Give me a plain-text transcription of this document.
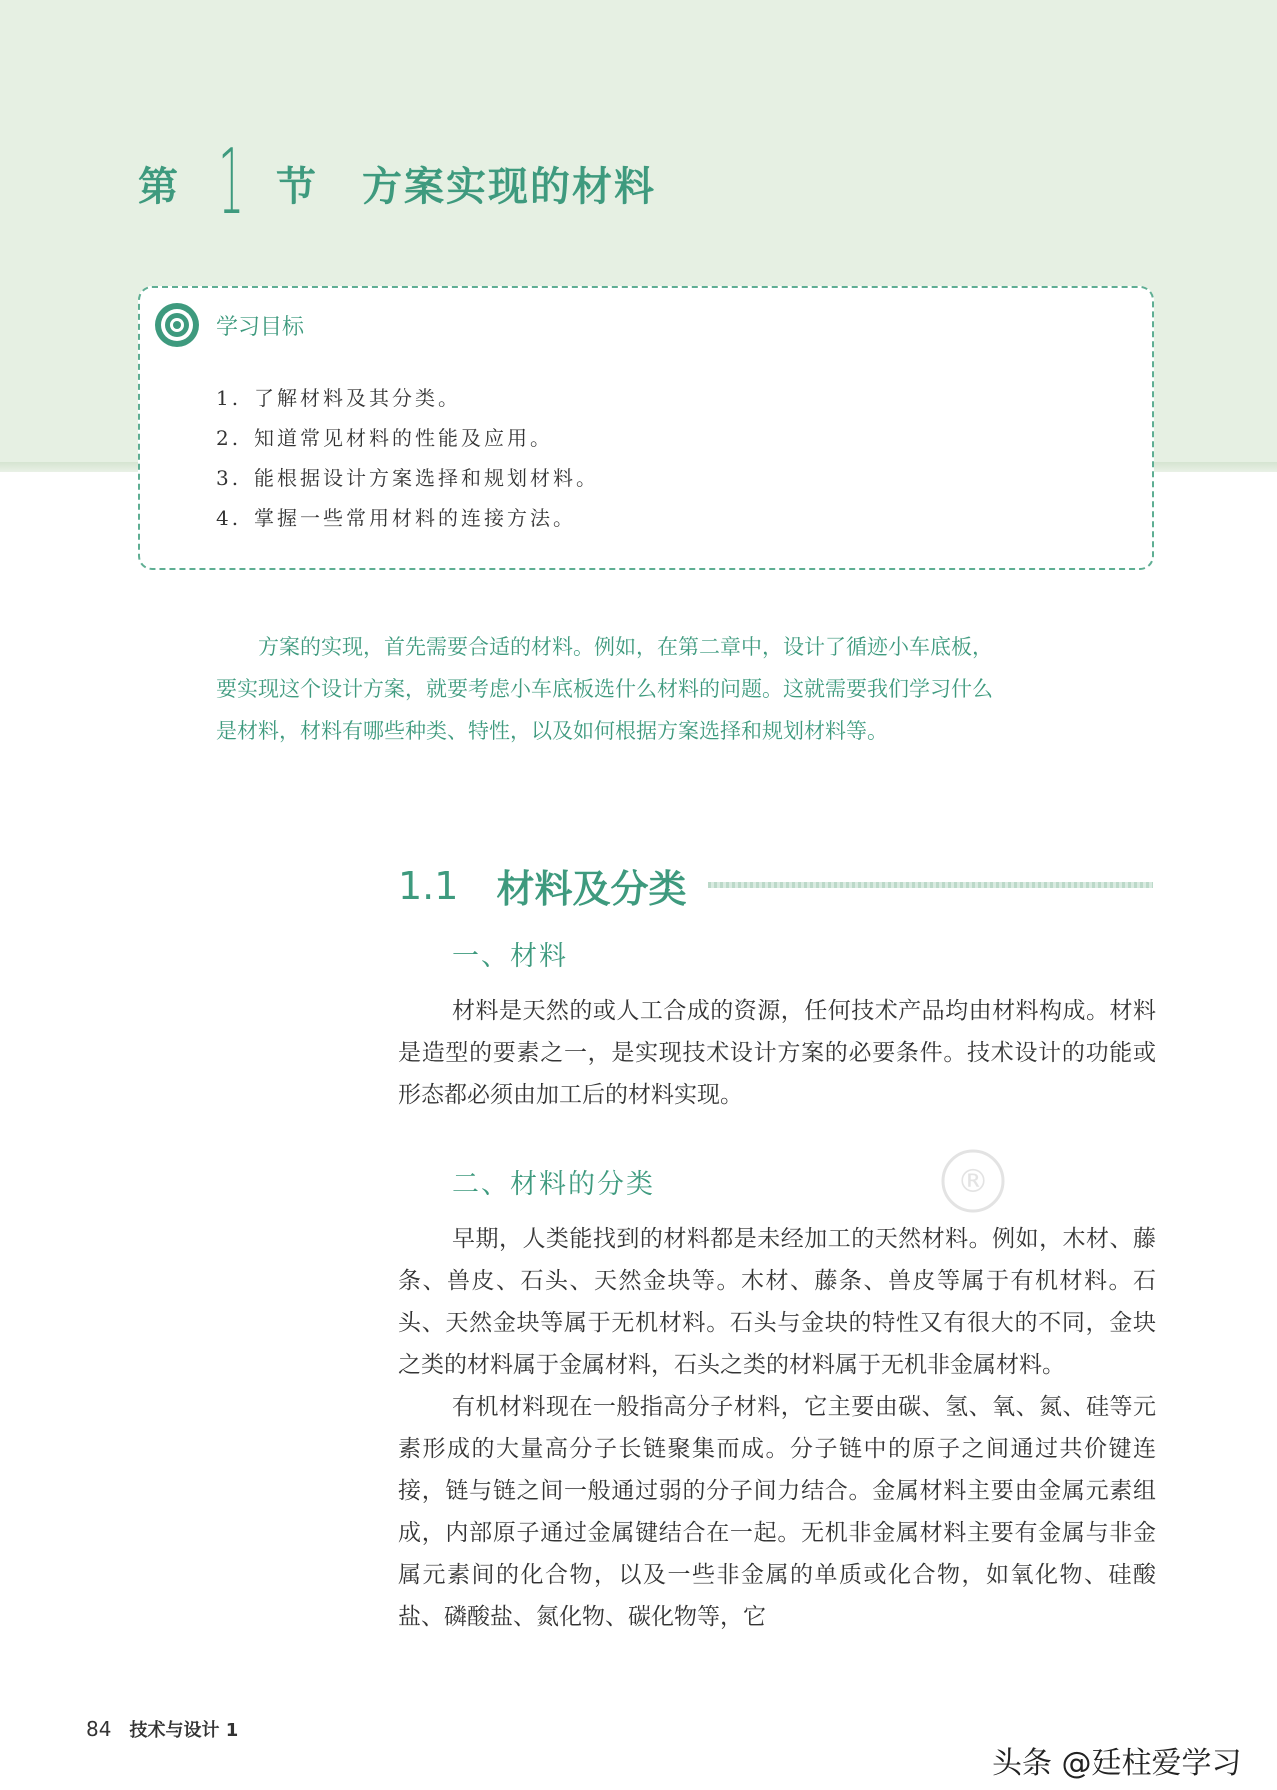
第 1 节 方案实现的材料
学习目标
1. 了解材料及其分类。
2. 知道常见材料的性能及应用。
3. 能根据设计方案选择和规划材料。
4. 掌握一些常用材料的连接方法。

方案的实现，首先需要合适的材料。例如，在第二章中，设计了循迹小车底板，

要实现这个设计方案，就要考虑小车底板选什么材料的问题。这就需要我们学习什么

是材料，材料有哪些种类、特性，以及如何根据方案选择和规划材料等。

1.1 材料及分类
一、材料

材料是天然的或人工合成的资源，任何技术产品均由材料构成。材料是造型的要素之一，是实现技术设计方案的必要条件。技术设计的功能或形态都必须由加工后的材料实现。

二、材料的分类	®

早期，人类能找到的材料都是未经加工的天然材料。例如，木材、藤条、兽皮、石头、天然金块等。木材、藤条、兽皮等属于有机材料。石头、天然金块等属于无机材料。石头与金块的特性又有很大的不同，金块之类的材料属于金属材料，石头之类的材料属于无机非金属材料。

有机材料现在一般指高分子材料，它主要由碳、氢、氧、氮、硅等元素形成的大量高分子长链聚集而成。分子链中的原子之间通过共价键连接，链与链之间一般通过弱的分子间力结合。金属材料主要由金属元素组成，内部原子通过金属键结合在一起。无机非金属材料主要有金属与非金属元素间的化合物，以及一些非金属的单质或化合物，如氧化物、硅酸盐、磷酸盐、氮化物、碳化物等，它

84 技术与设计 1
头条 @廷柱爱学习
